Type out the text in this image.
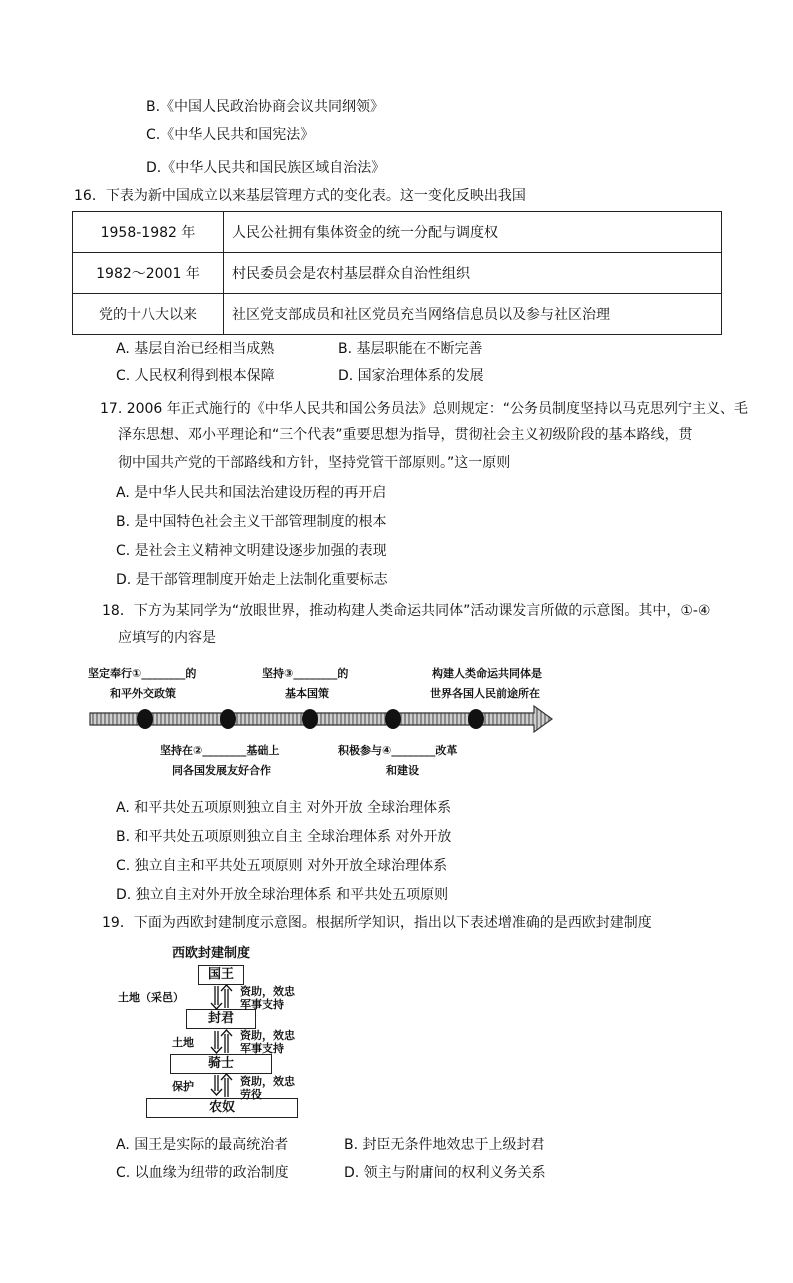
B.《中国人民政治协商会议共同纲领》
C.《中华人民共和国宪法》
D.《中华人民共和国民族区域自治法》
16．下表为新中国成立以来基层管理方式的变化表。这一变化反映出我国
1958-1982 年	人民公社拥有集体资金的统一分配与调度权
1982～2001 年	村民委员会是农村基层群众自治性组织
党的十八大以来	社区党支部成员和社区党员充当网络信息员以及参与社区治理
A. 基层自治已经相当成熟	B. 基层职能在不断完善
C. 人民权利得到根本保障	D. 国家治理体系的发展
17. 2006 年正式施行的《中华人民共和国公务员法》总则规定：“公务员制度坚持以马克思列宁主义、毛
泽东思想、邓小平理论和“三个代表”重要思想为指导，贯彻社会主义初级阶段的基本路线，贯
彻中国共产党的干部路线和方针，坚持党管干部原则。”这一原则
A. 是中华人民共和国法治建设历程的再开启
B. 是中国特色社会主义干部管理制度的根本
C. 是社会主义精神文明建设逐步加强的表现
D. 是干部管理制度开始走上法制化重要标志
18．下方为某同学为“放眼世界，推动构建人类命运共同体”活动课发言所做的示意图。其中，①-④
应填写的内容是
坚定奉行①________的
和平外交政策
坚持③________的
基本国策
构建人类命运共同体是
世界各国人民前途所在
坚持在②________基础上
同各国发展友好合作
积极参与④________改革
和建设
A. 和平共处五项原则独立自主 对外开放 全球治理体系
B. 和平共处五项原则独立自主 全球治理体系 对外开放
C. 独立自主和平共处五项原则 对外开放全球治理体系
D. 独立自主对外开放全球治理体系 和平共处五项原则
19．下面为西欧封建制度示意图。根据所学知识，指出以下表述增准确的是西欧封建制度
西欧封建制度
国王
封君
骑士
农奴
土地（采邑）
土地
保护
资助，效忠
军事支持
资助，效忠
军事支持
资助，效忠
劳役
A. 国王是实际的最高统治者	B. 封臣无条件地效忠于上级封君
C. 以血缘为纽带的政治制度	D. 领主与附庸间的权利义务关系
